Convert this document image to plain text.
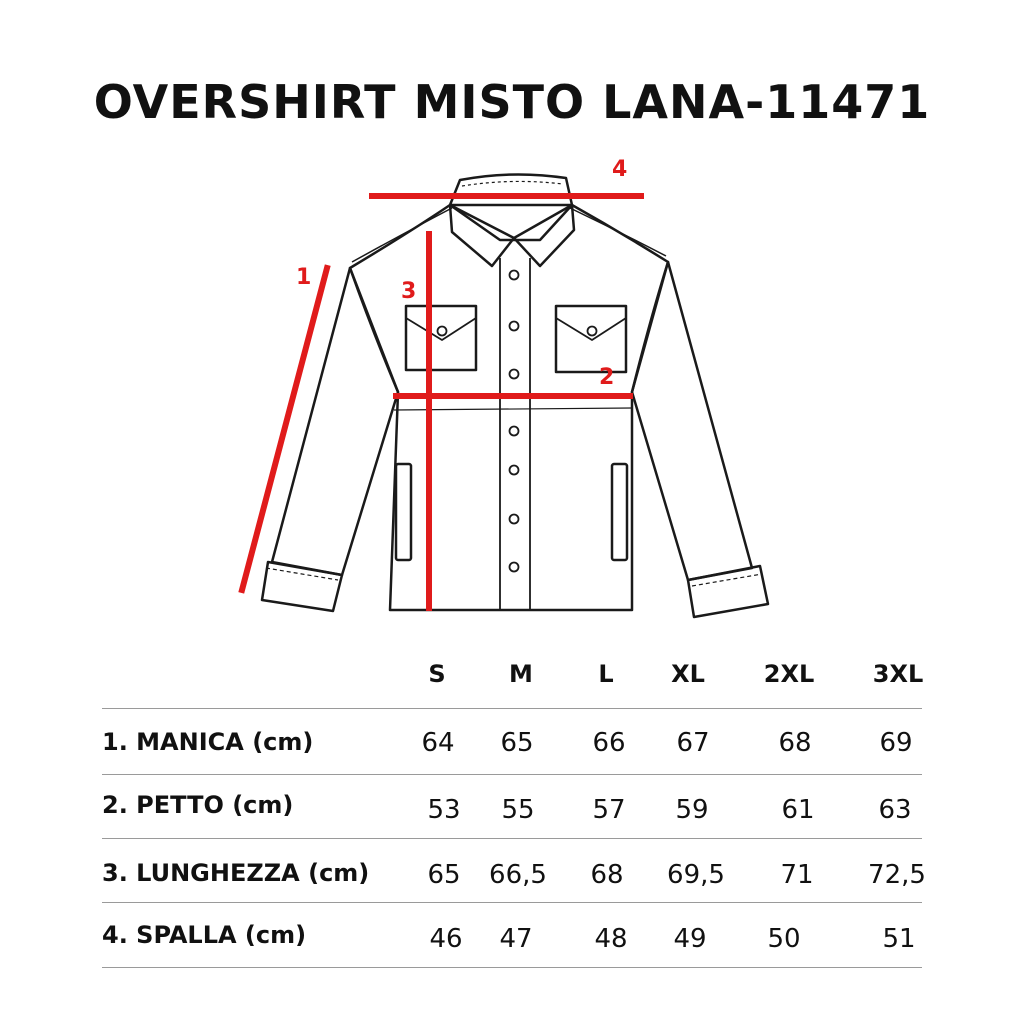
OVERSHIRT MISTO LANA-11471
1
2
3
4
S	M	L XL 2XL 3XL
1. MANICA (cm)	64 65 66 67	68	69
2. PETTO (cm)	53 55 57 59	61 63
3. LUNGHEZZA (cm) 65 66,5 68 69,5 71 72,5
4. SPALLA (cm)	46 47 48 49 50	51
